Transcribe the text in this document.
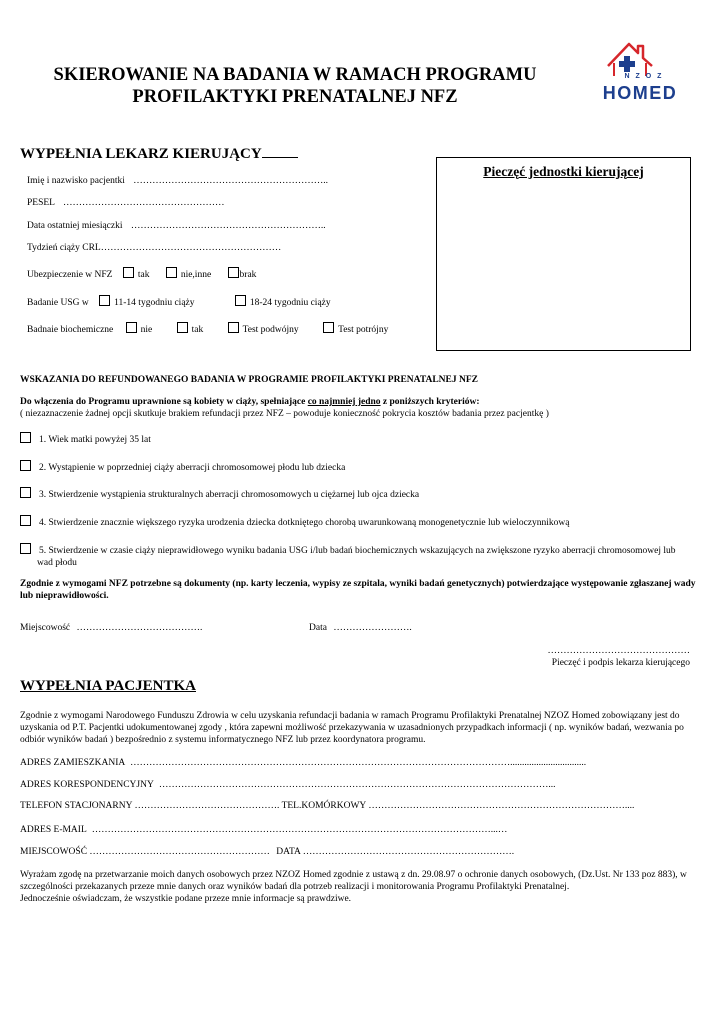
SKIEROWANIE NA BADANIA W RAMACH PROGRAMU
PROFILAKTYKI PRENATALNEJ NFZ
N Z O Z
HOMED
WYPEŁNIA LEKARZ KIERUJĄCY
Imię i nazwisko pacjentki ……………………………………………………..
PESEL ……………………………………………
Data ostatniej miesiączki ……………………………………………………..
Tydzień ciąży CRL…………………………………………………
Ubezpieczenie w NFZ	tak	nie,inne	brak
Badanie USG w	11-14 tygodniu ciąży	18-24 tygodniu ciąży
Badnaie biochemiczne	nie	tak	Test podwójny	Test potrójny
Pieczęć jednostki kierującej
WSKAZANIA DO REFUNDOWANEGO BADANIA W PROGRAMIE PROFILAKTYKI PRENATALNEJ NFZ
Do włączenia do Programu uprawnione są kobiety w ciąży, spełniające co najmniej jedno z poniższych kryteriów:
( niezaznaczenie żadnej opcji skutkuje brakiem refundacji przez NFZ – powoduje konieczność pokrycia kosztów badania przez pacjentkę )
1. Wiek matki powyżej 35 lat
2. Wystąpienie w poprzedniej ciąży aberracji chromosomowej płodu lub dziecka
3. Stwierdzenie wystąpienia strukturalnych aberracji chromosomowych u ciężarnej lub ojca dziecka
4. Stwierdzenie znacznie większego ryzyka urodzenia dziecka dotkniętego chorobą uwarunkowaną monogenetycznie lub wieloczynnikową
5. Stwierdzenie w czasie ciąży nieprawidłowego wyniku badania USG i/lub badań biochemicznych wskazujących na zwiększone ryzyko aberracji chromosomowej lub wad płodu
Zgodnie z wymogami NFZ potrzebne są dokumenty (np. karty leczenia, wypisy ze szpitala, wyniki badań genetycznych) potwierdzające występowanie zgłaszanej wady lub nieprawidłowości.
Miejscowość ………………………………….	Data …………………….
………………………………………
Pieczęć i podpis lekarza kierującego
WYPEŁNIA PACJENTKA
Zgodnie z wymogami Narodowego Funduszu Zdrowia w celu uzyskania refundacji badania w ramach Programu Profilaktyki Prenatalnej NZOZ Homed zobowiązany jest do uzyskania od P.T. Pacjentki udokumentowanej zgody , która zapewni możliwość przekazywania w uzasadnionych przypadkach informacji ( np. wyników badań, wezwania po odbiór wyników badań ) bezpośrednio z systemu informatycznego NFZ lub przez koordynatora programu.
ADRES ZAMIESZKANIA …………………………………………………………………………………………………………................................
ADRES KORESPONDENCYJNY ……………………………………………………………………………………………………………...
TELEFON STACJONARNY ………………………………………. TEL.KOMÓRKOWY ………………………………………………………………………....
ADRES E-MAIL ………………………………………………………………………………………………………………...…
MIEJSCOWOŚĆ ………………………………………………… DATA ………………………………………………………….
Wyrażam zgodę na przetwarzanie moich danych osobowych przez NZOZ Homed zgodnie z ustawą z dn. 29.08.97 o ochronie danych osobowych, (Dz.Ust. Nr 133 poz 883), w szczególności przekazanych przeze mnie danych oraz wyników badań dla potrzeb realizacji i monitorowania Programu Profilaktyki Prenatalnej.
Jednocześnie oświadczam, że wszystkie podane przeze mnie informacje są prawdziwe.
